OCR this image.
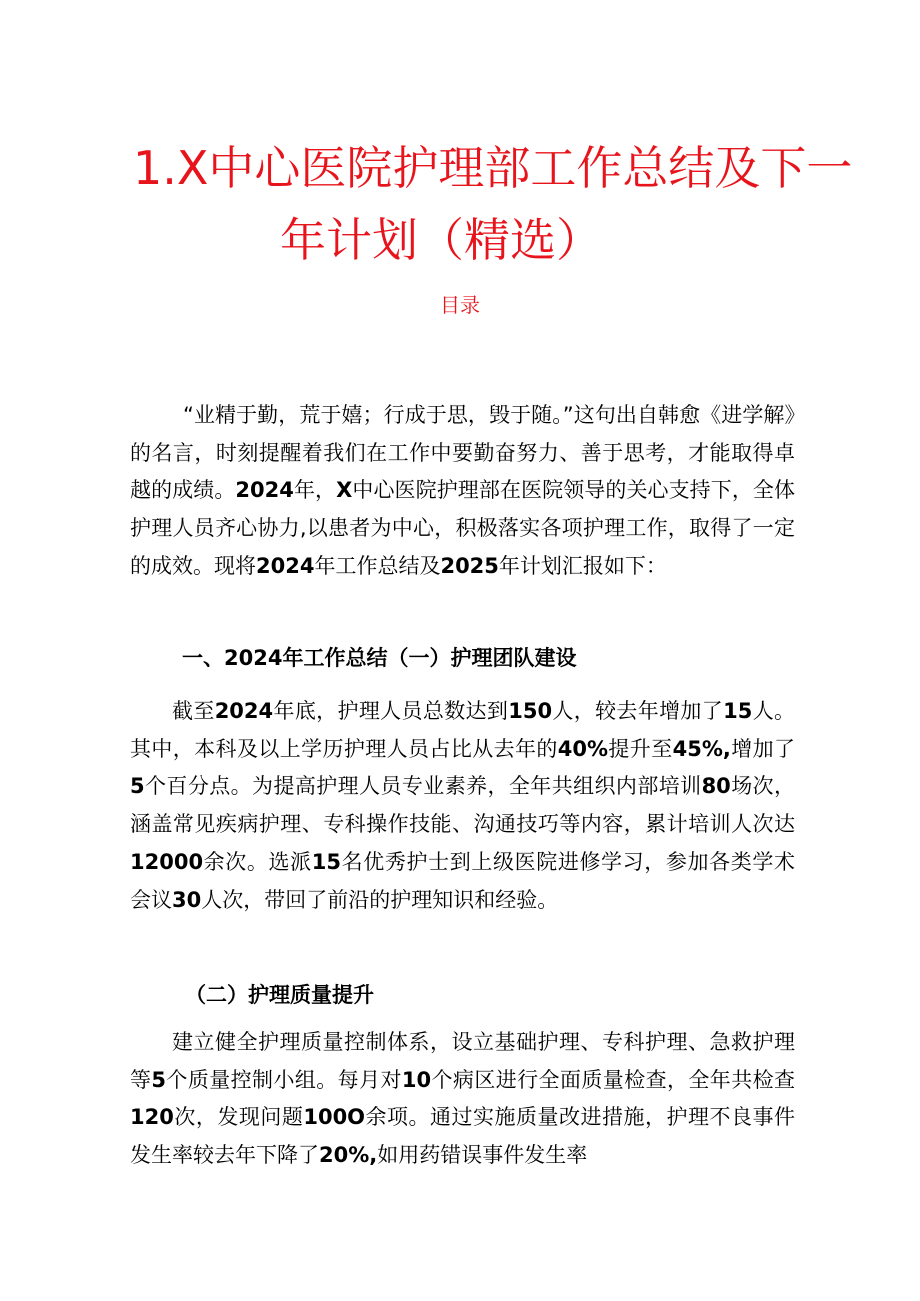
1.X中心医院护理部工作总结及下一
年计划（精选）
目录
“业精于勤，荒于嬉；行成于思，毁于随。”这句出自韩愈《进学解》的名言，时刻提醒着我们在工作中要勤奋努力、善于思考，才能取得卓越的成绩。2024年，X中心医院护理部在医院领导的关心支持下，全体护理人员齐心协力,以患者为中心，积极落实各项护理工作，取得了一定的成效。现将2024年工作总结及2025年计划汇报如下：
一、2024年工作总结（一）护理团队建设
截至2024年底，护理人员总数达到150人，较去年增加了15人。其中，本科及以上学历护理人员占比从去年的40%提升至45%,增加了5个百分点。为提高护理人员专业素养，全年共组织内部培训80场次，涵盖常见疾病护理、专科操作技能、沟通技巧等内容，累计培训人次达12000余次。选派15名优秀护士到上级医院进修学习，参加各类学术会议30人次，带回了前沿的护理知识和经验。
（二）护理质量提升
建立健全护理质量控制体系，设立基础护理、专科护理、急救护理等5个质量控制小组。每月对10个病区进行全面质量检查，全年共检查120次，发现问题100O余项。通过实施质量改进措施，护理不良事件发生率较去年下降了20%,如用药错误事件发生率
